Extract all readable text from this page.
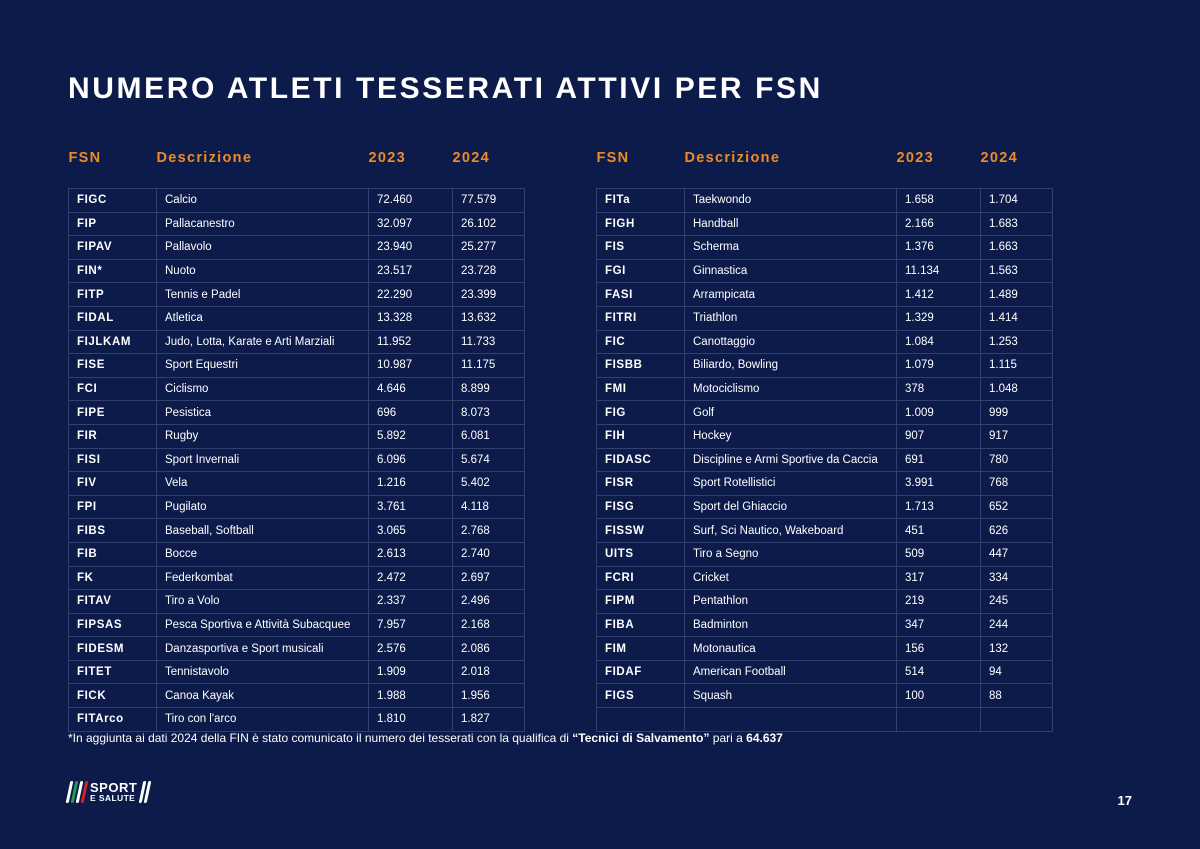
NUMERO ATLETI TESSERATI ATTIVI PER FSN
FSN	Descrizione	2023	2024
FIGC	Calcio	72.460	77.579
FIP	Pallacanestro	32.097	26.102
FIPAV	Pallavolo	23.940	25.277
FIN*	Nuoto	23.517	23.728
FITP	Tennis e Padel	22.290	23.399
FIDAL	Atletica	13.328	13.632
FIJLKAM	Judo, Lotta, Karate e Arti Marziali	11.952	11.733
FISE	Sport Equestri	10.987	11.175
FCI	Ciclismo	4.646	8.899
FIPE	Pesistica	696	8.073
FIR	Rugby	5.892	6.081
FISI	Sport Invernali	6.096	5.674
FIV	Vela	1.216	5.402
FPI	Pugilato	3.761	4.118
FIBS	Baseball, Softball	3.065	2.768
FIB	Bocce	2.613	2.740
FK	Federkombat	2.472	2.697
FITAV	Tiro a Volo	2.337	2.496
FIPSAS	Pesca Sportiva e Attività Subacquee	7.957	2.168
FIDESM	Danzasportiva e Sport musicali	2.576	2.086
FITET	Tennistavolo	1.909	2.018
FICK	Canoa Kayak	1.988	1.956
FITArco	Tiro con l'arco	1.810	1.827
FSN	Descrizione	2023	2024
FITa	Taekwondo	1.658	1.704
FIGH	Handball	2.166	1.683
FIS	Scherma	1.376	1.663
FGI	Ginnastica	11.134	1.563
FASI	Arrampicata	1.412	1.489
FITRI	Triathlon	1.329	1.414
FIC	Canottaggio	1.084	1.253
FISBB	Biliardo, Bowling	1.079	1.115
FMI	Motociclismo	378	1.048
FIG	Golf	1.009	999
FIH	Hockey	907	917
FIDASC	Discipline e Armi Sportive da Caccia	691	780
FISR	Sport Rotellistici	3.991	768
FISG	Sport del Ghiaccio	1.713	652
FISSW	Surf, Sci Nautico, Wakeboard	451	626
UITS	Tiro a Segno	509	447
FCRI	Cricket	317	334
FIPM	Pentathlon	219	245
FIBA	Badminton	347	244
FIM	Motonautica	156	132
FIDAF	American Football	514	94
FIGS	Squash	100	88

*In aggiunta ai dati 2024 della FIN è stato comunicato il numero dei tesserati con la qualifica di “Tecnici di Salvamento” pari a 64.637
SPORT
E SALUTE	17
